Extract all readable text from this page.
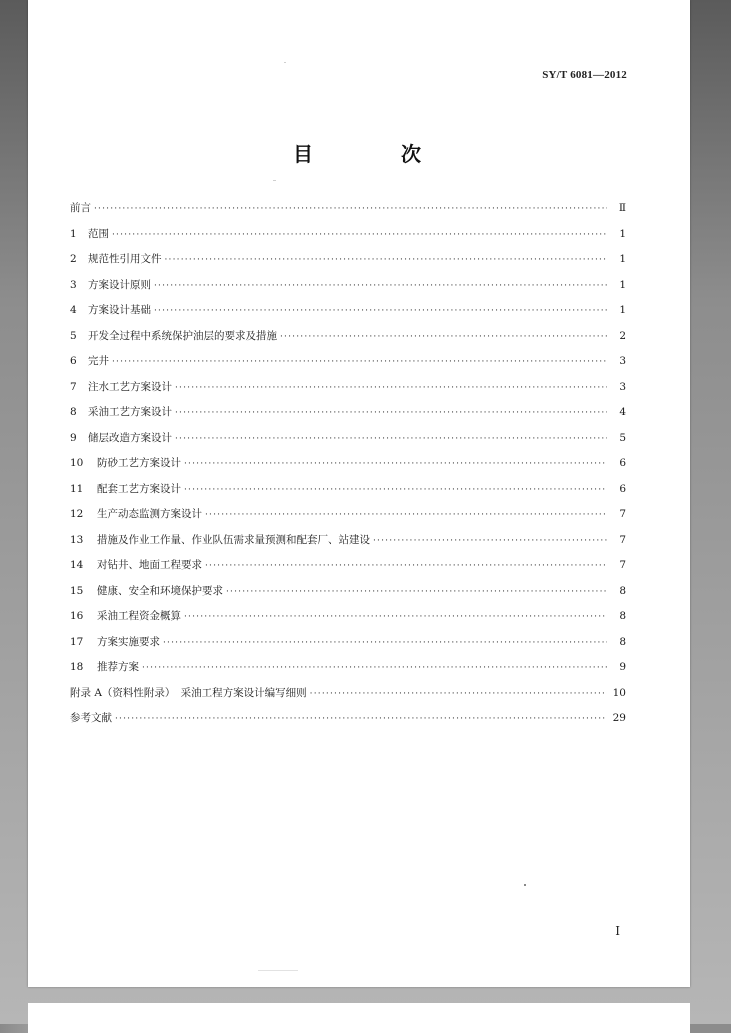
SY/T 6081—2012
目　次
前言 ·····	Ⅱ
1	范围 ·····	1
2	规范性引用文件 ·····	1
3	方案设计原则 ·····	1
4	方案设计基础 ·····	1
5	开发全过程中系统保护油层的要求及措施 ·····	2
6	完井 ·····	3
7	注水工艺方案设计 ·····	3
8	采油工艺方案设计 ·····	4
9	储层改造方案设计 ·····	5
10	防砂工艺方案设计 ·····	6
11	配套工艺方案设计 ·····	6
12	生产动态监测方案设计 ·····	7
13	措施及作业工作量、作业队伍需求量预测和配套厂、站建设 ·····	7
14	对钻井、地面工程要求 ·····	7
15	健康、安全和环境保护要求 ·····	8
16	采油工程资金概算 ·····	8
17	方案实施要求 ·····	8
18	推荐方案 ·····	9
附录 A（资料性附录）　采油工程方案设计编写细则 ·····	10
参考文献 ·····	29
I
